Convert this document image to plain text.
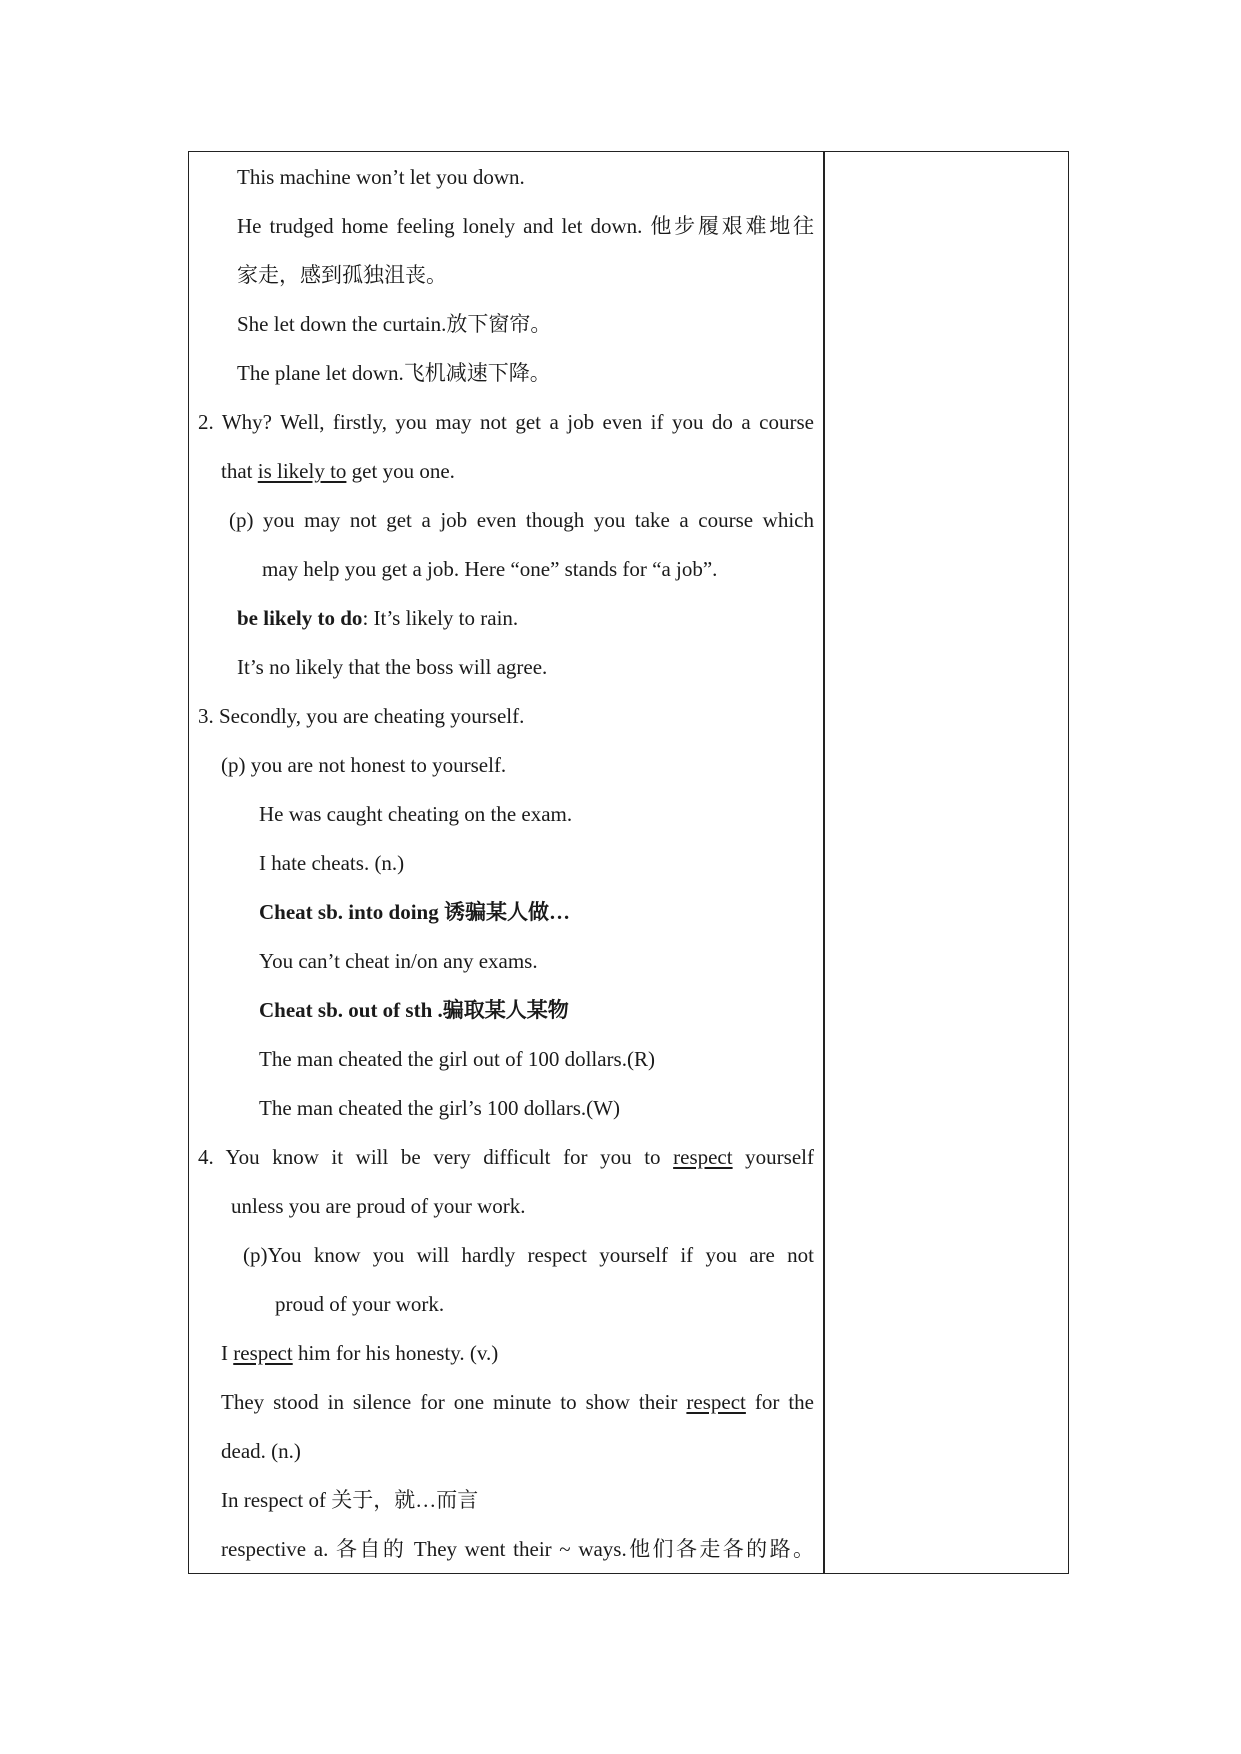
This machine won’t let you down.
He trudged home feeling lonely and let down. 他步履艰难地往
家走，感到孤独沮丧。
She let down the curtain.放下窗帘。
The plane let down.飞机减速下降。
2. Why? Well, firstly, you may not get a job even if you do a course
that is likely to get you one.
(p) you may not get a job even though you take a course which
may help you get a job. Here “one” stands for “a job”.
be likely to do: It’s likely to rain.
It’s no likely that the boss will agree.
3. Secondly, you are cheating yourself.
(p) you are not honest to yourself.
He was caught cheating on the exam.
I hate cheats. (n.)
Cheat sb. into doing 诱骗某人做…
You can’t cheat in/on any exams.
Cheat sb. out of sth .骗取某人某物
The man cheated the girl out of 100 dollars.(R)
The man cheated the girl’s 100 dollars.(W)
4. You know it will be very difficult for you to respect yourself
unless you are proud of your work.
(p)You know you will hardly respect yourself if you are not
proud of your work.
I respect him for his honesty. (v.)
They stood in silence for one minute to show their respect for the
dead. (n.)
In respect of 关于，就…而言
respective a. 各自的 They went their ~ ways.他们各走各的路。
